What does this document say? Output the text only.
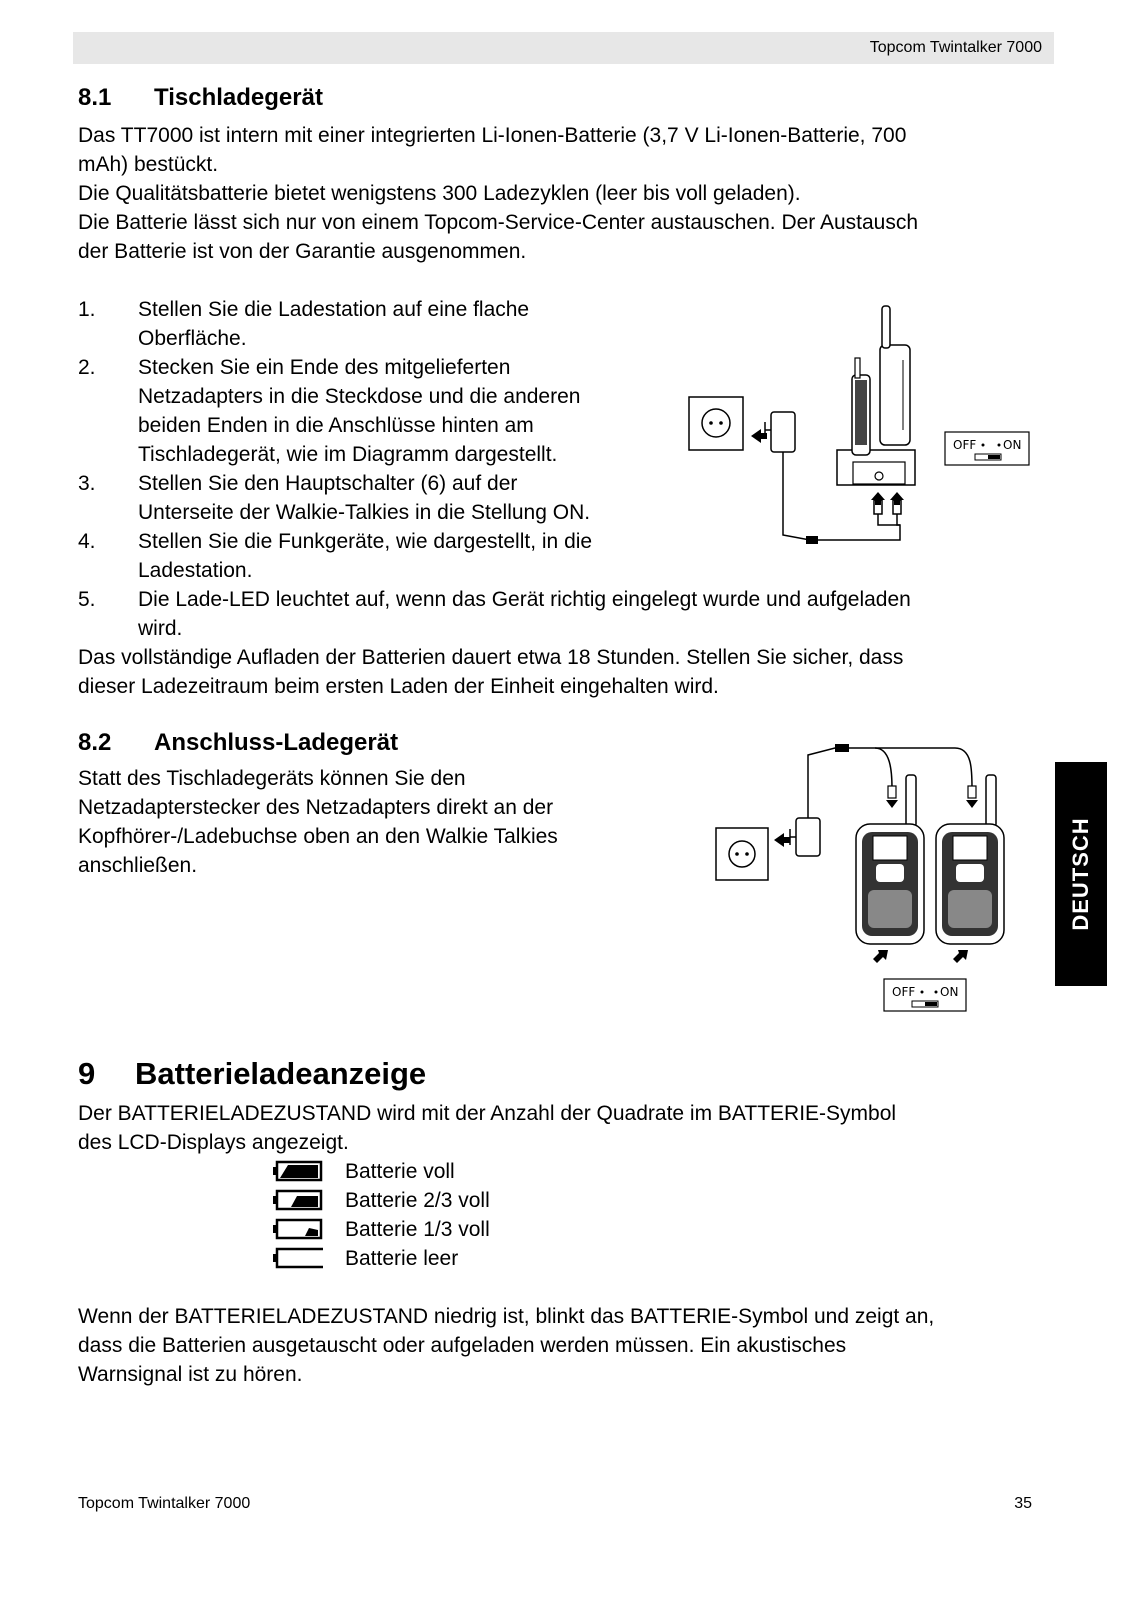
Topcom Twintalker 7000
8.1 Tischladegerät

Das TT7000 ist intern mit einer integrierten Li-Ionen-Batterie (3,7 V Li-Ionen-Batterie, 700
mAh) bestückt.
Die Qualitätsbatterie bietet wenigstens 300 Ladezyklen (leer bis voll geladen).
Die Batterie lässt sich nur von einem Topcom-Service-Center austauschen. Der Austausch
der Batterie ist von der Garantie ausgenommen.

1. Stellen Sie die Ladestation auf eine flache
Oberfläche.
2. Stecken Sie ein Ende des mitgelieferten
Netzadapters in die Steckdose und die anderen
beiden Enden in die Anschlüsse hinten am
Tischladegerät, wie im Diagramm dargestellt.
3. Stellen Sie den Hauptschalter (6) auf der
Unterseite der Walkie-Talkies in die Stellung ON.
4. Stellen Sie die Funkgeräte, wie dargestellt, in die
Ladestation.
5. Die Lade-LED leuchtet auf, wenn das Gerät richtig eingelegt wurde und aufgeladen
wird.

Das vollständige Aufladen der Batterien dauert etwa 18 Stunden. Stellen Sie sicher, dass
dieser Ladezeitraum beim ersten Laden der Einheit eingehalten wird.

OFF ON
8.2 Anschluss-Ladegerät

Statt des Tischladegeräts können Sie den
Netzadapterstecker des Netzadapters direkt an der
Kopfhörer-/Ladebuchse oben an den Walkie Talkies
anschließen.

OFF ON
DEUTSCH
9 Batterieladeanzeige

Der BATTERIELADEZUSTAND wird mit der Anzahl der Quadrate im BATTERIE-Symbol
des LCD-Displays angezeigt.

Batterie voll
Batterie 2/3 voll
Batterie 1/3 voll
Batterie leer

Wenn der BATTERIELADEZUSTAND niedrig ist, blinkt das BATTERIE-Symbol und zeigt an,
dass die Batterien ausgetauscht oder aufgeladen werden müssen. Ein akustisches
Warnsignal ist zu hören.

Topcom Twintalker 7000	35
